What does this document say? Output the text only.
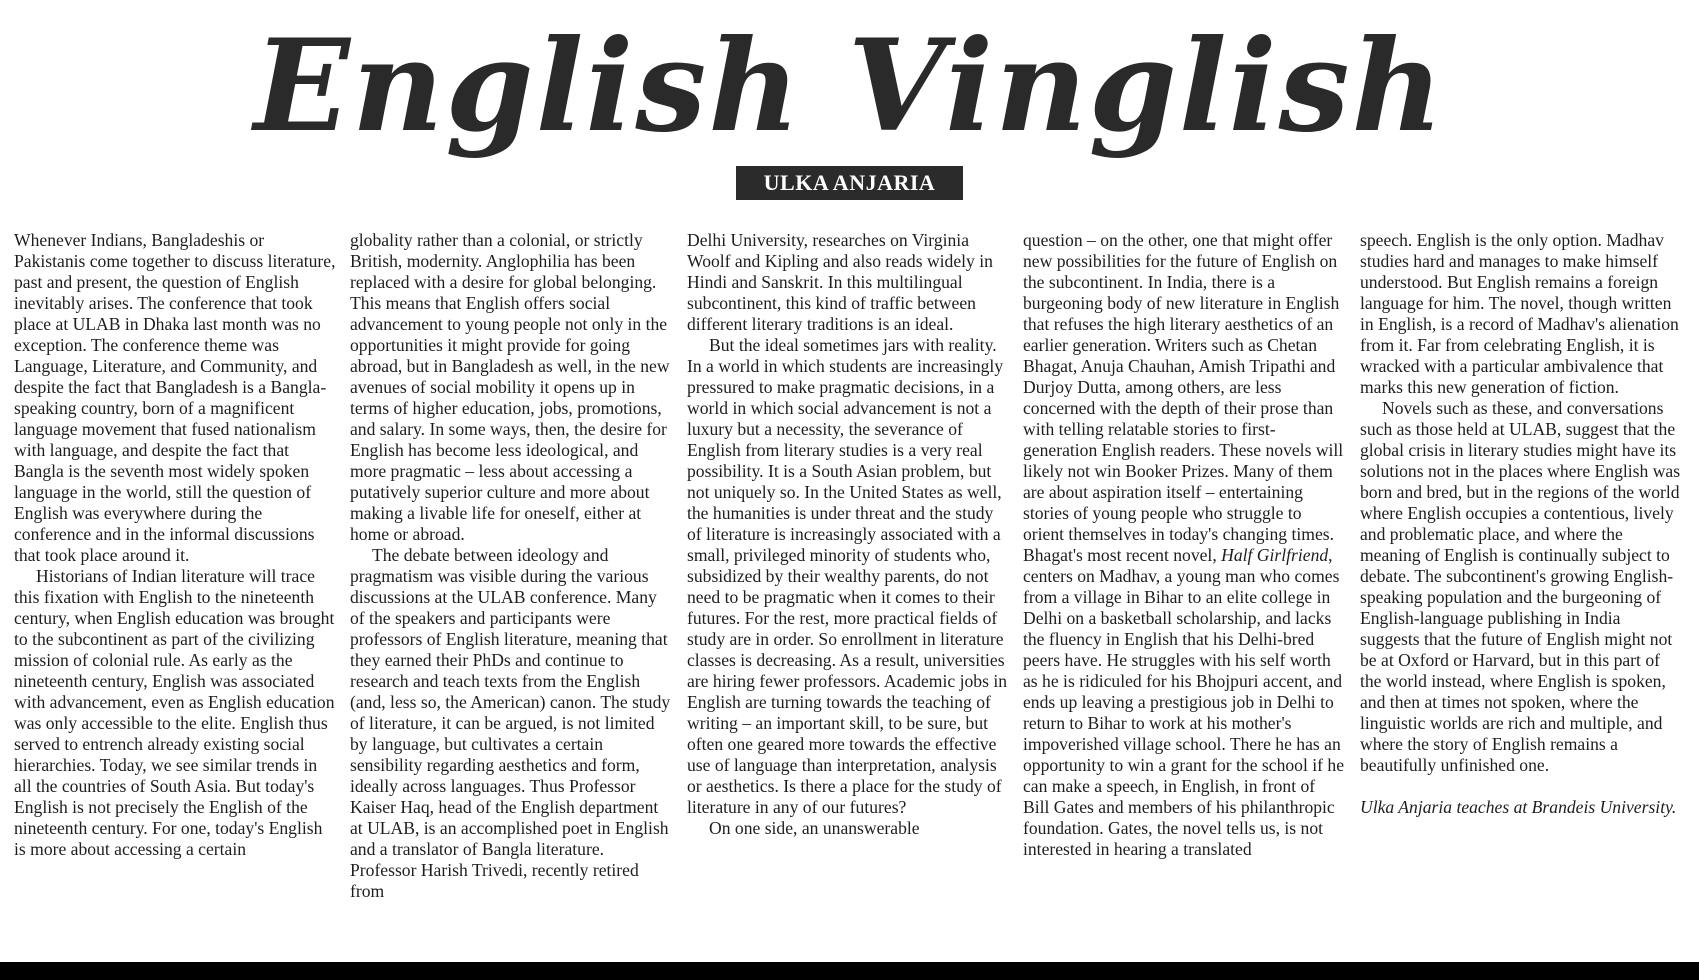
English Vinglish
ULKA ANJARIA

Whenever Indians, Bangladeshis or Pakistanis come together to discuss literature, past and present, the question of English inevitably arises. The conference that took place at ULAB in Dhaka last month was no exception. The conference theme was Language, Literature, and Community, and despite the fact that Bangladesh is a Bangla-speaking country, born of a magnificent language movement that fused nationalism with language, and despite the fact that Bangla is the seventh most widely spoken language in the world, still the question of English was everywhere during the conference and in the informal discussions that took place around it.

Historians of Indian literature will trace this fixation with English to the nineteenth century, when English education was brought to the subcontinent as part of the civilizing mission of colonial rule. As early as the nineteenth century, English was associated with advancement, even as English education was only accessible to the elite. English thus served to entrench already existing social hierarchies. Today, we see similar trends in all the countries of South Asia. But today's English is not precisely the English of the nineteenth century. For one, today's English is more about accessing a certain

globality rather than a colonial, or strictly British, modernity. Anglophilia has been replaced with a desire for global belonging. This means that English offers social advancement to young people not only in the opportunities it might provide for going abroad, but in Bangladesh as well, in the new avenues of social mobility it opens up in terms of higher education, jobs, promotions, and salary. In some ways, then, the desire for English has become less ideological, and more pragmatic – less about accessing a putatively superior culture and more about making a livable life for oneself, either at home or abroad.

The debate between ideology and pragmatism was visible during the various discussions at the ULAB conference. Many of the speakers and participants were professors of English literature, meaning that they earned their PhDs and continue to research and teach texts from the English (and, less so, the American) canon. The study of literature, it can be argued, is not limited by language, but cultivates a certain sensibility regarding aesthetics and form, ideally across languages. Thus Professor Kaiser Haq, head of the English department at ULAB, is an accomplished poet in English and a translator of Bangla literature. Professor Harish Trivedi, recently retired from

Delhi University, researches on Virginia Woolf and Kipling and also reads widely in Hindi and Sanskrit. In this multilingual subcontinent, this kind of traffic between different literary traditions is an ideal.

But the ideal sometimes jars with reality. In a world in which students are increasingly pressured to make pragmatic decisions, in a world in which social advancement is not a luxury but a necessity, the severance of English from literary studies is a very real possibility. It is a South Asian problem, but not uniquely so. In the United States as well, the humanities is under threat and the study of literature is increasingly associated with a small, privileged minority of students who, subsidized by their wealthy parents, do not need to be pragmatic when it comes to their futures. For the rest, more practical fields of study are in order. So enrollment in literature classes is decreasing. As a result, universities are hiring fewer professors. Academic jobs in English are turning towards the teaching of writing – an important skill, to be sure, but often one geared more towards the effective use of language than interpretation, analysis or aesthetics. Is there a place for the study of literature in any of our futures?

On one side, an unanswerable

question – on the other, one that might offer new possibilities for the future of English on the subcontinent. In India, there is a burgeoning body of new literature in English that refuses the high literary aesthetics of an earlier generation. Writers such as Chetan Bhagat, Anuja Chauhan, Amish Tripathi and Durjoy Dutta, among others, are less concerned with the depth of their prose than with telling relatable stories to first-generation English readers. These novels will likely not win Booker Prizes. Many of them are about aspiration itself – entertaining stories of young people who struggle to orient themselves in today's changing times. Bhagat's most recent novel, Half Girlfriend, centers on Madhav, a young man who comes from a village in Bihar to an elite college in Delhi on a basketball scholarship, and lacks the fluency in English that his Delhi-bred peers have. He struggles with his self worth as he is ridiculed for his Bhojpuri accent, and ends up leaving a prestigious job in Delhi to return to Bihar to work at his mother's impoverished village school. There he has an opportunity to win a grant for the school if he can make a speech, in English, in front of Bill Gates and members of his philanthropic foundation. Gates, the novel tells us, is not interested in hearing a translated

speech. English is the only option. Madhav studies hard and manages to make himself understood. But English remains a foreign language for him. The novel, though written in English, is a record of Madhav's alienation from it. Far from celebrating English, it is wracked with a particular ambivalence that marks this new generation of fiction.

Novels such as these, and conversations such as those held at ULAB, suggest that the global crisis in literary studies might have its solutions not in the places where English was born and bred, but in the regions of the world where English occupies a contentious, lively and problematic place, and where the meaning of English is continually subject to debate. The subcontinent's growing English-speaking population and the burgeoning of English-language publishing in India suggests that the future of English might not be at Oxford or Harvard, but in this part of the world instead, where English is spoken, and then at times not spoken, where the linguistic worlds are rich and multiple, and where the story of English remains a beautifully unfinished one.

Ulka Anjaria teaches at Brandeis University.
